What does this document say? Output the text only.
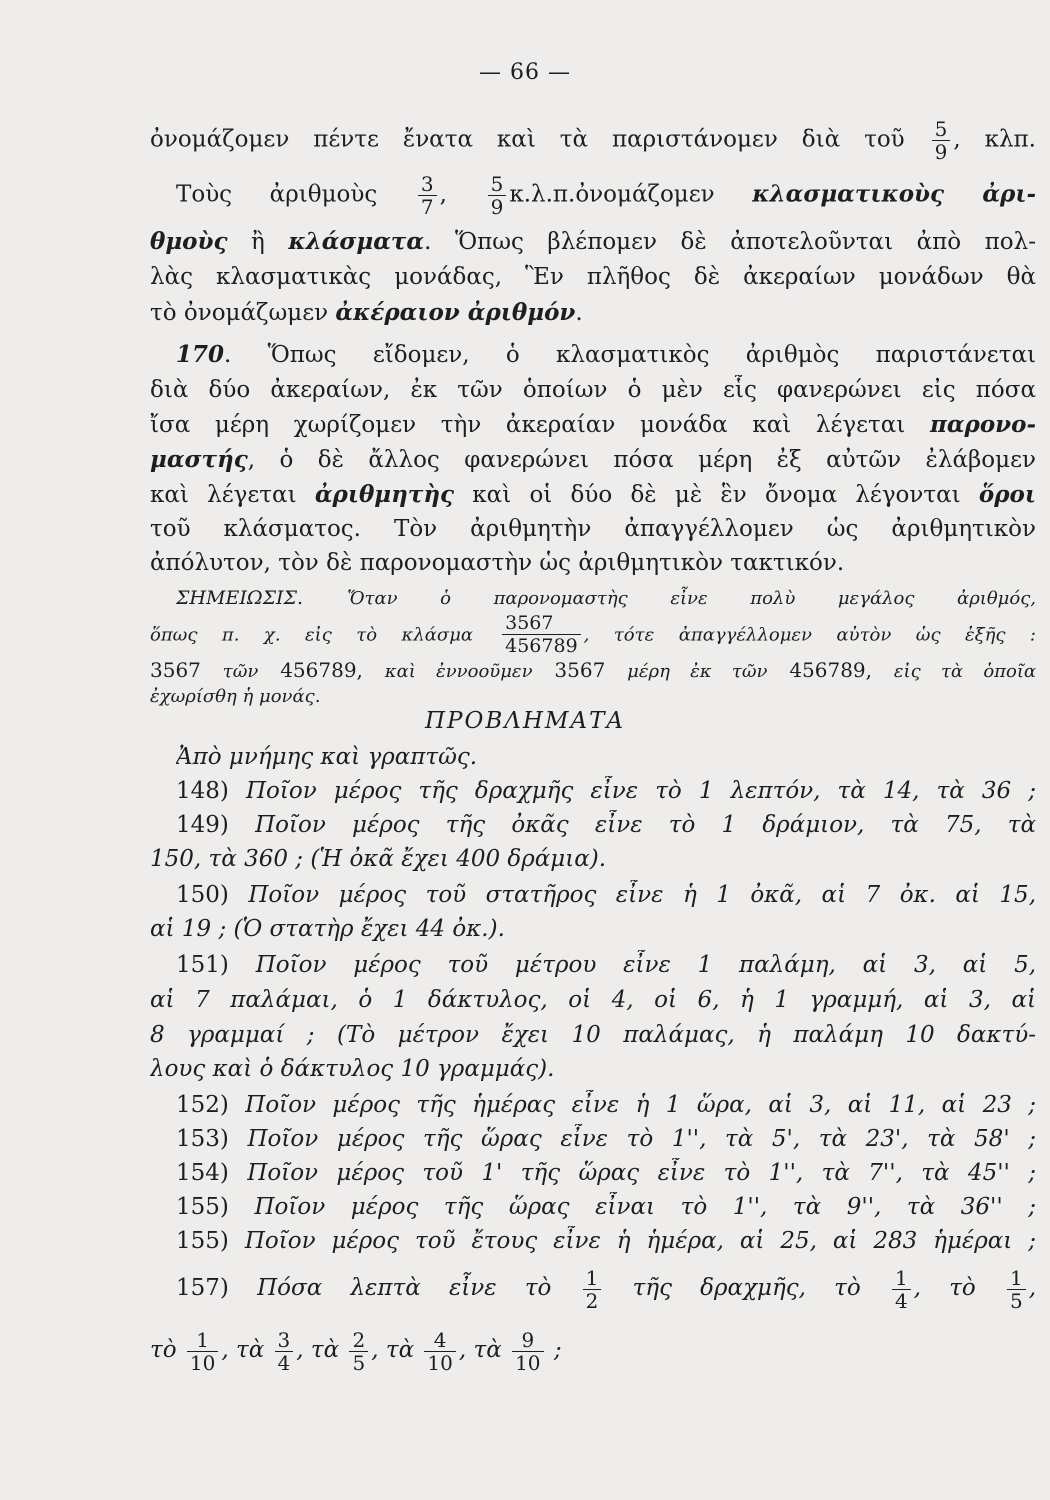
— 66 —
ὀνομάζομεν πέντε ἔνατα καὶ τὰ παριστάνομεν διὰ τοῦ $\frac{5}{9}$ , κλπ.
Τοὺς ἀριθμοὺς $\frac{3}{7}$ , $\frac{5}{9}$ κ.λ.π.ὀνομάζομεν κλασματικοὺς ἀρι-
θμοὺς ἢ κλάσματα. Ὅπως βλέπομεν δὲ ἀποτελοῦνται ἀπὸ πολ-
λὰς κλασματικὰς μονάδας, Ἓν πλῆθος δὲ ἀκεραίων μονάδων θὰ
τὸ ὀνομάζωμεν ἀκέραιον ἀριθμόν.
170. Ὅπως εἴδομεν, ὁ κλασματικὸς ἀριθμὸς παριστάνεται
διὰ δύο ἀκεραίων, ἐκ τῶν ὁποίων ὁ μὲν εἷς φανερώνει εἰς πόσα
ἴσα μέρη χωρίζομεν τὴν ἀκεραίαν μονάδα καὶ λέγεται παρονο-
μαστής, ὁ δὲ ἄλλος φανερώνει πόσα μέρη ἐξ αὐτῶν ἐλάβομεν
καὶ λέγεται ἀριθμητὴς καὶ οἱ δύο δὲ μὲ ἓν ὄνομα λέγονται ὅροι
τοῦ κλάσματος. Τὸν ἀριθμητὴν ἀπαγγέλλομεν ὡς ἀριθμητικὸν
ἀπόλυτον, τὸν δὲ παρονομαστὴν ὡς ἀριθμητικὸν τακτικόν.
ΣΗΜΕΙΩΣΙΣ. Ὅταν ὁ παρονομαστὴς εἶνε πολὺ μεγάλος ἀριθμός,
ὅπως π. χ. εἰς τὸ κλάσμα $\frac{3567}{456789}$ , τότε ἀπαγγέλλομεν αὐτὸν ὡς ἑξῆς :
3567 τῶν 456789, καὶ ἐννοοῦμεν 3567 μέρη ἐκ τῶν 456789, εἰς τὰ ὁποῖα
ἐχωρίσθη ἡ μονάς.
ΠΡΟΒΛΗΜΑΤΑ
Ἀπὸ μνήμης καὶ γραπτῶς.
148) Ποῖον μέρος τῆς δραχμῆς εἶνε τὸ 1 λεπτόν, τὰ 14, τὰ 36 ;
149) Ποῖον μέρος τῆς ὀκᾶς εἶνε τὸ 1 δράμιον, τὰ 75, τὰ
150, τὰ 360 ; (Ἡ ὀκᾶ ἔχει 400 δράμια).
150) Ποῖον μέρος τοῦ στατῆρος εἶνε ἡ 1 ὀκᾶ, αἱ 7 ὀκ. αἱ 15,
αἱ 19 ; (Ὁ στατὴρ ἔχει 44 ὀκ.).
151) Ποῖον μέρος τοῦ μέτρου εἶνε 1 παλάμη, αἱ 3, αἱ 5,
αἱ 7 παλάμαι, ὁ 1 δάκτυλος, οἱ 4, οἱ 6, ἡ 1 γραμμή, αἱ 3, αἱ
8 γραμμαί ; (Τὸ μέτρον ἔχει 10 παλάμας, ἡ παλάμη 10 δακτύ-
λους καὶ ὁ δάκτυλος 10 γραμμάς).
152) Ποῖον μέρος τῆς ἡμέρας εἶνε ἡ 1 ὥρα, αἱ 3, αἱ 11, αἱ 23 ;
153) Ποῖον μέρος τῆς ὥρας εἶνε τὸ 1'', τὰ 5', τὰ 23', τὰ 58' ;
154) Ποῖον μέρος τοῦ 1' τῆς ὥρας εἶνε τὸ 1'', τὰ 7'', τὰ 45'' ;
155) Ποῖον μέρος τῆς ὥρας εἶναι τὸ 1'', τὰ 9'', τὰ 36'' ;
155) Ποῖον μέρος τοῦ ἔτους εἶνε ἡ ἡμέρα, αἱ 25, αἱ 283 ἡμέραι ;
157) Πόσα λεπτὰ εἶνε τὸ $\frac{1}{2}$ τῆς δραχμῆς, τὸ $\frac{1}{4}$ , τὸ $\frac{1}{5}$ ,
τὸ $\frac{1}{10}$ , τὰ $\frac{3}{4}$ , τὰ $\frac{2}{5}$ , τὰ $\frac{4}{10}$ , τὰ $\frac{9}{10}$ ;
